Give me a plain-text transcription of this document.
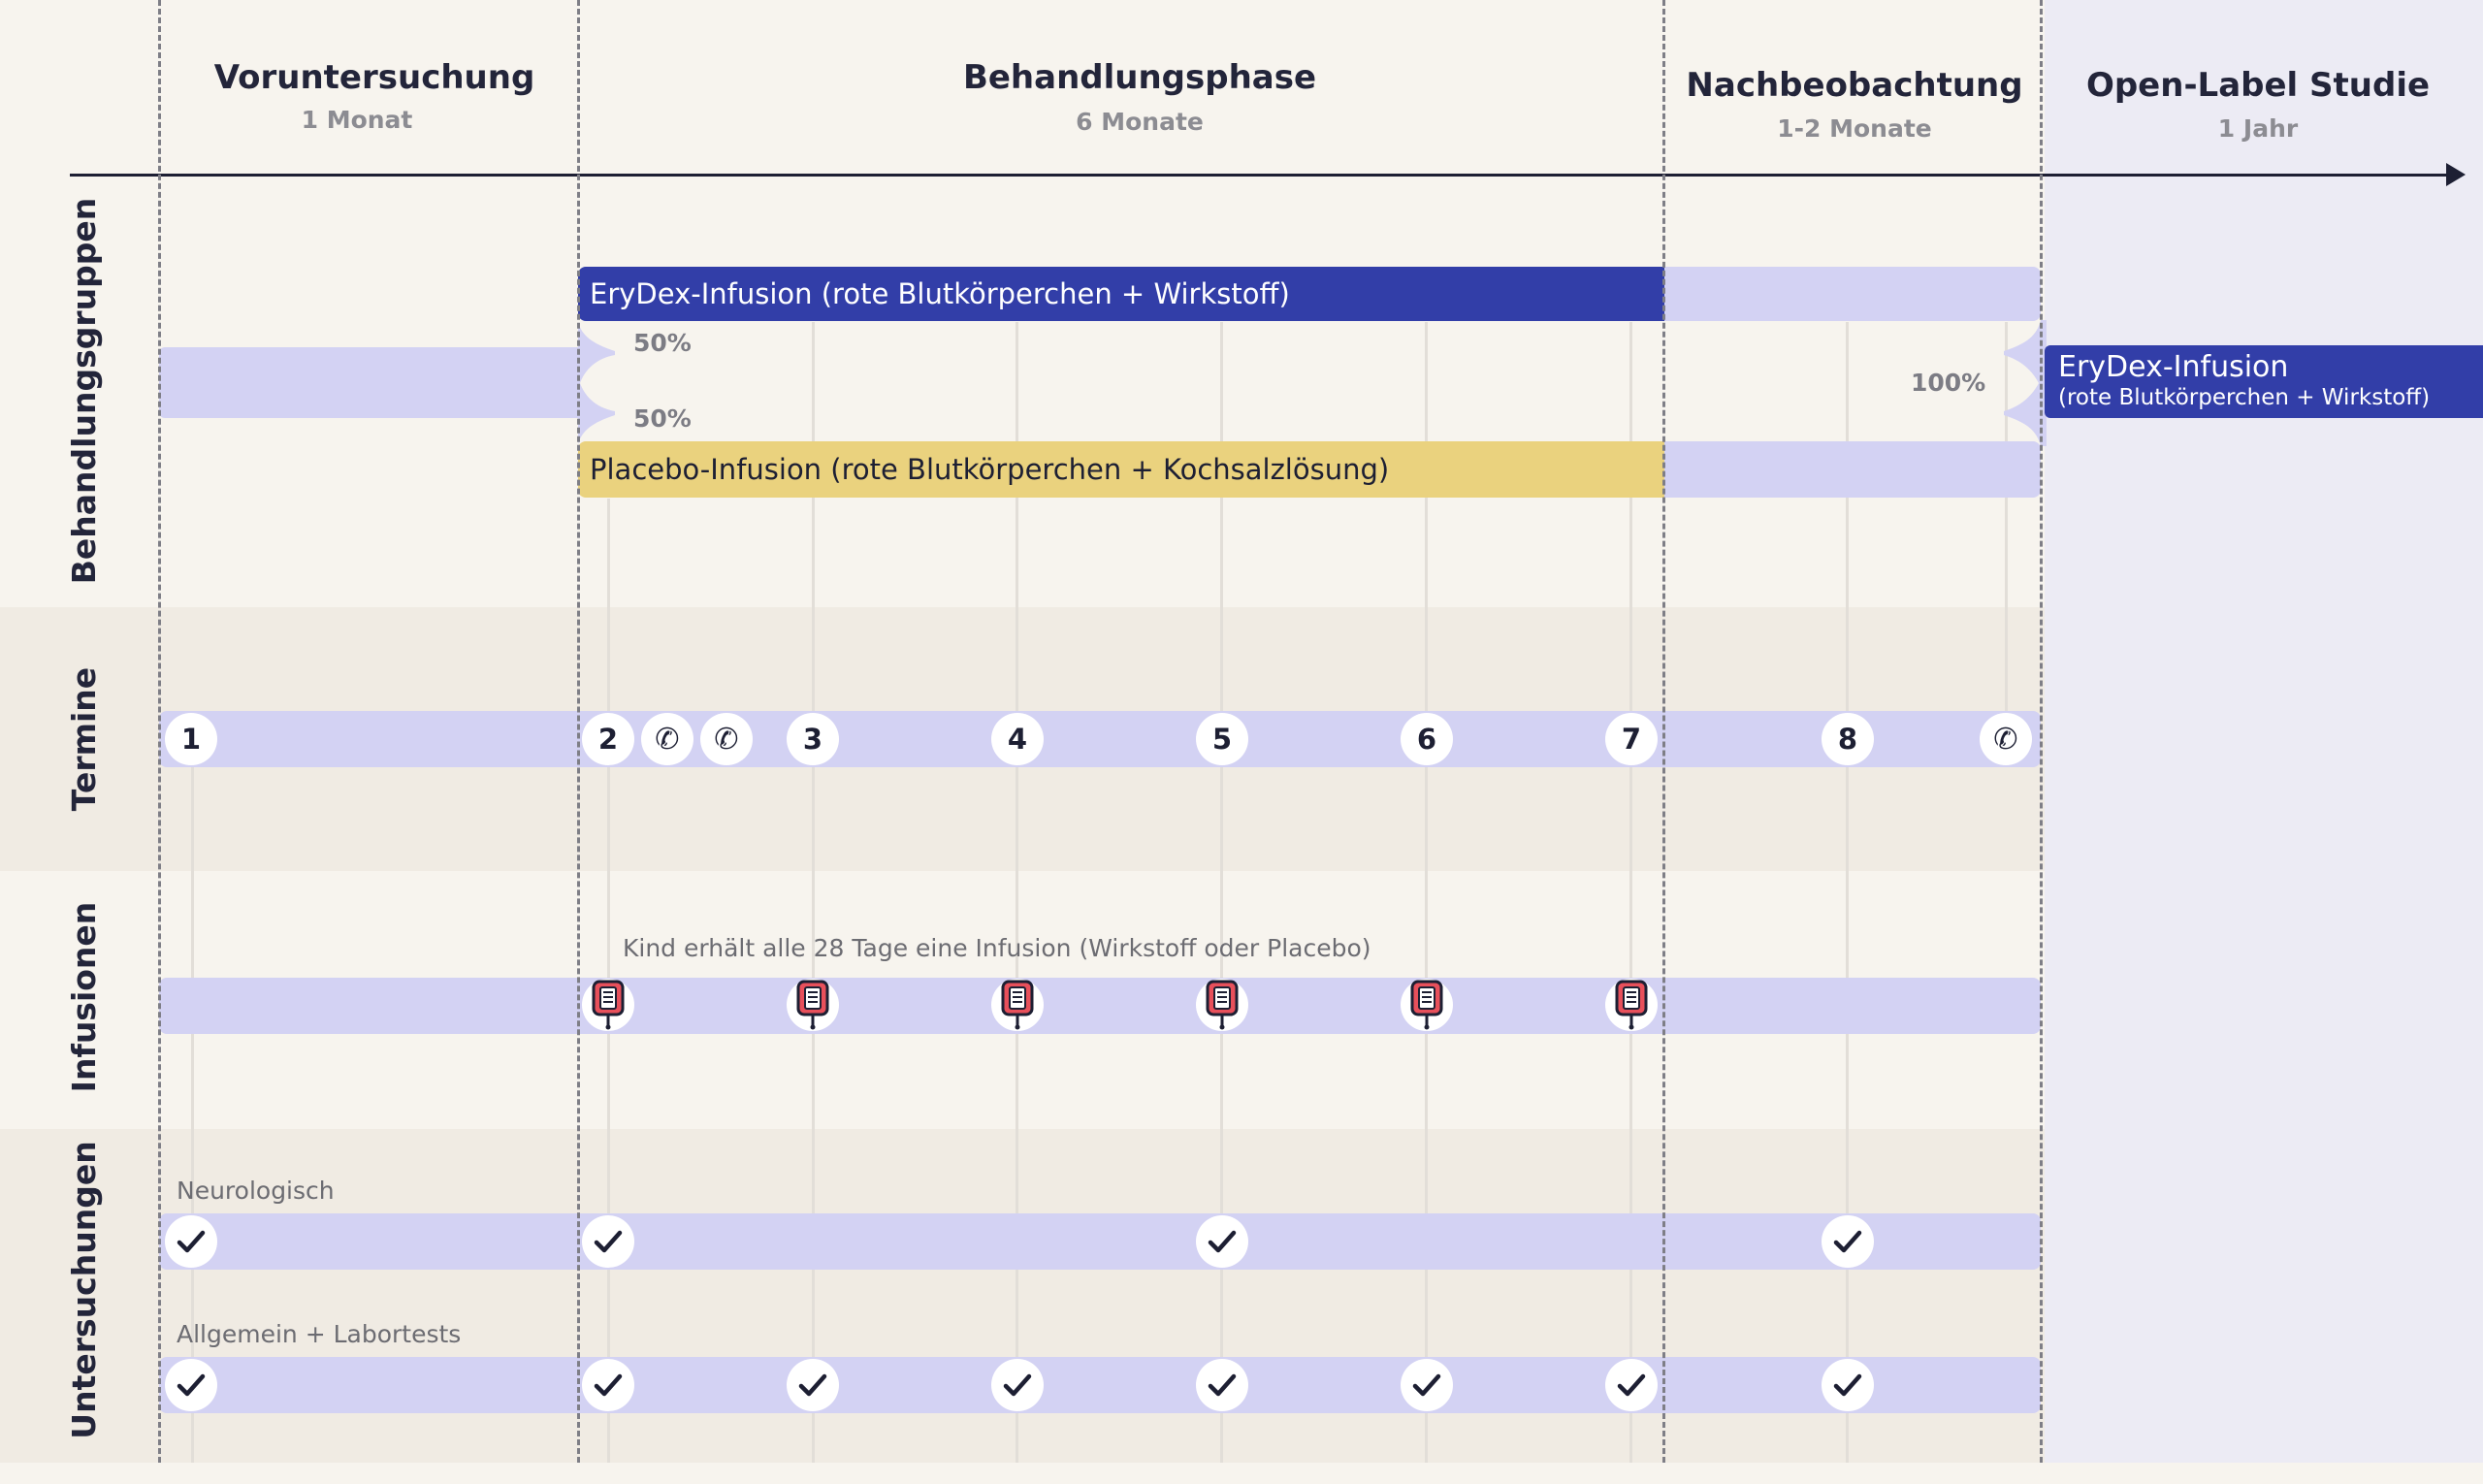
Voruntersuchung
1 Monat
Behandlungsphase
6 Monate
Nachbeobachtung
1-2 Monate
Open-Label Studie
1 Jahr
Behandlungsgruppen
Termine
Infusionen
Untersuchungen
EryDex-Infusion (rote Blutkörperchen + Wirkstoff)
Placebo-Infusion (rote Blutkörperchen + Kochsalzlösung)
50%
50%
100% EryDex-Infusion
(rote Blutkörperchen + Wirkstoff)
1	2 ✆ ✆ 3	4	5	6	7	8	✆
Kind erhält alle 28 Tage eine Infusion (Wirkstoff oder Placebo)
Neurologisch
Allgemein + Labortests
